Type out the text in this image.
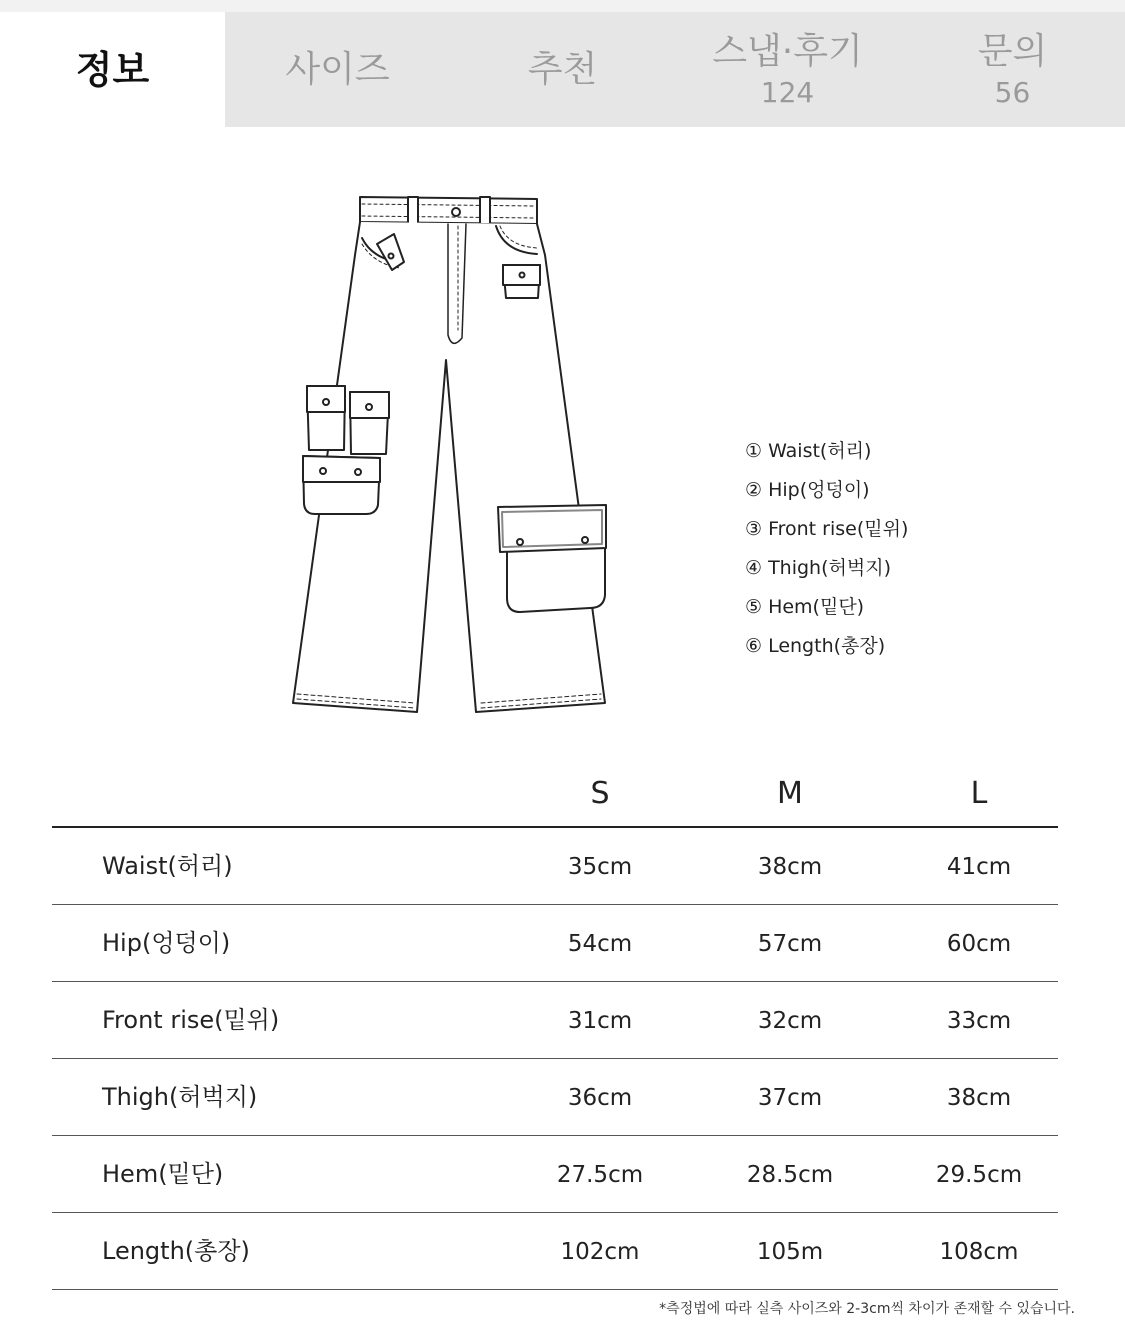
정보	사이즈	추천	스냅·후기
124
문의
56
① Waist(허리)
② Hip(엉덩이)
③ Front rise(밑위)
④ Thigh(허벅지)
⑤ Hem(밑단)
⑥ Length(총장)
S	M	L
Waist(허리)	35cm	38cm	41cm
Hip(엉덩이)	54cm	57cm	60cm
Front rise(밑위)	31cm	32cm	33cm
Thigh(허벅지)	36cm	37cm	38cm
Hem(밑단)	27.5cm	28.5cm	29.5cm
Length(총장)	102cm	105m	108cm
*측정법에 따라 실측 사이즈와 2-3cm씩 차이가 존재할 수 있습니다.
